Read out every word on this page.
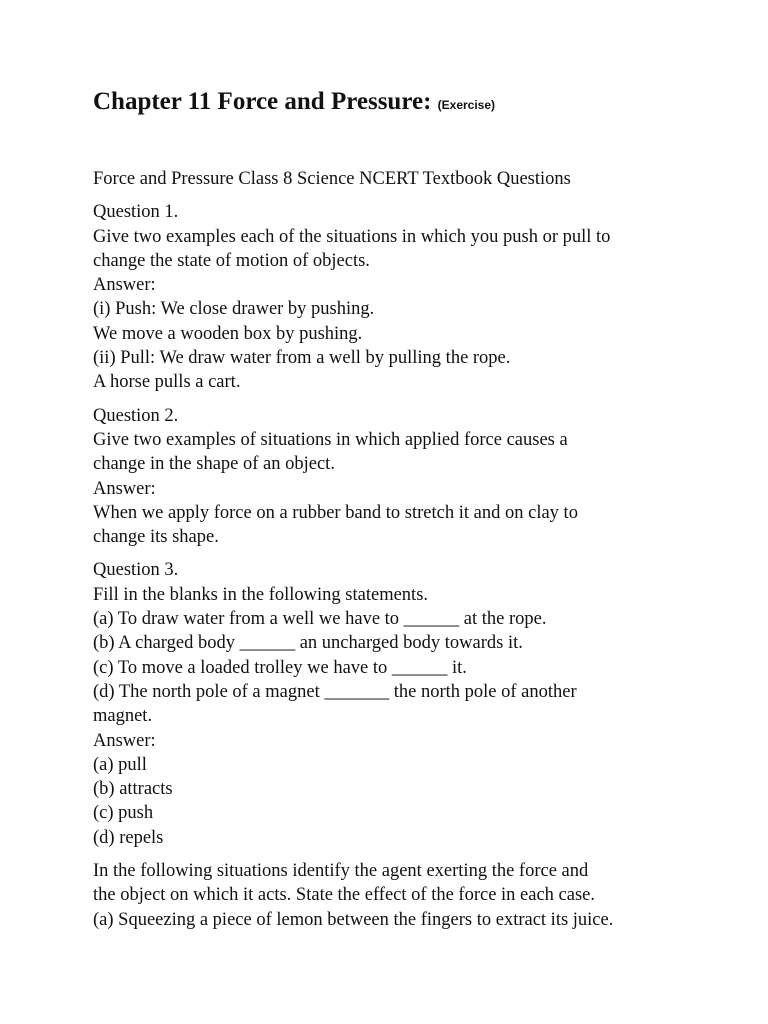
Chapter 11 Force and Pressure: (Exercise)

Force and Pressure Class 8 Science NCERT Textbook Questions

Question 1.
Give two examples each of the situations in which you push or pull to
change the state of motion of objects.
Answer:
(i) Push: We close drawer by pushing.
We move a wooden box by pushing.
(ii) Pull: We draw water from a well by pulling the rope.
A horse pulls a cart.
Question 2.
Give two examples of situations in which applied force causes a
change in the shape of an object.
Answer:
When we apply force on a rubber band to stretch it and on clay to
change its shape.
Question 3.
Fill in the blanks in the following statements.
(a) To draw water from a well we have to ______ at the rope.
(b) A charged body ______ an uncharged body towards it.
(c) To move a loaded trolley we have to ______ it.
(d) The north pole of a magnet _______ the north pole of another
magnet.
Answer:
(a) pull
(b) attracts
(c) push
(d) repels
In the following situations identify the agent exerting the force and
the object on which it acts. State the effect of the force in each case.
(a) Squeezing a piece of lemon between the fingers to extract its juice.
